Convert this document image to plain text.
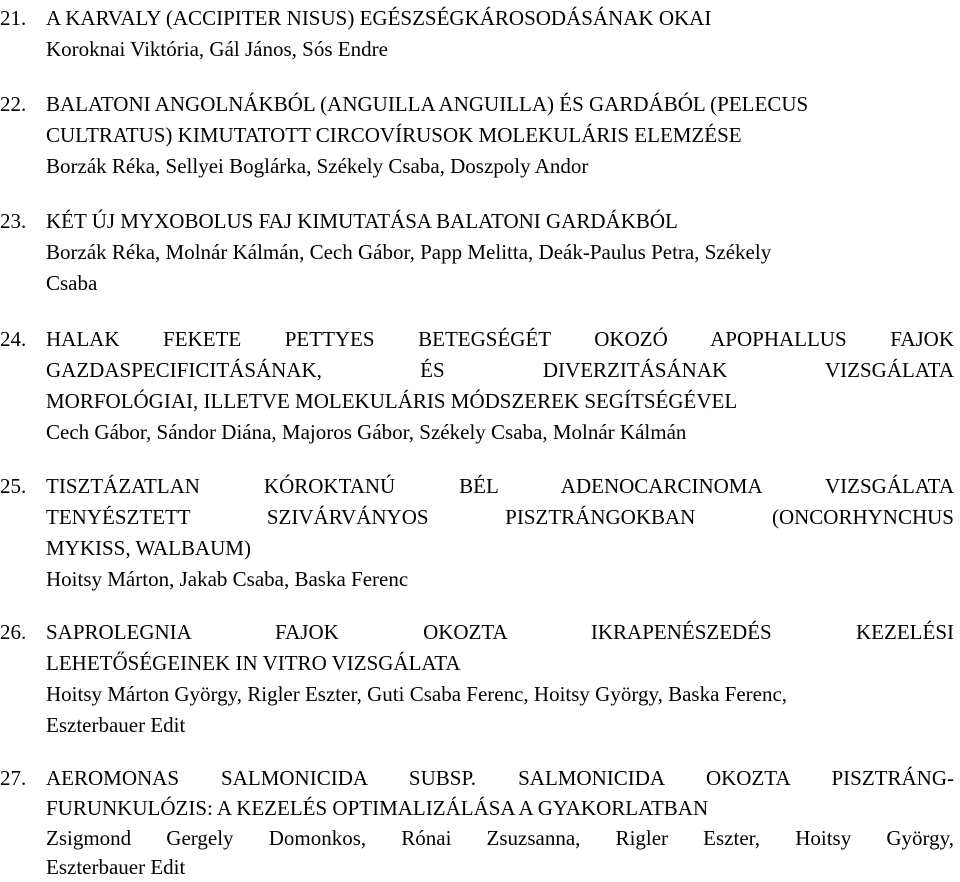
21. A KARVALY (ACCIPITER NISUS) EGÉSZSÉGKÁROSODÁSÁNAK OKAI
Koroknai Viktória, Gál János, Sós Endre
22. BALATONI ANGOLNÁKBÓL (ANGUILLA ANGUILLA) ÉS GARDÁBÓL (PELECUS
CULTRATUS) KIMUTATOTT CIRCOVÍRUSOK MOLEKULÁRIS ELEMZÉSE
Borzák Réka, Sellyei Boglárka, Székely Csaba, Doszpoly Andor
23. KÉT ÚJ MYXOBOLUS FAJ KIMUTATÁSA BALATONI GARDÁKBÓL
Borzák Réka, Molnár Kálmán, Cech Gábor, Papp Melitta, Deák-Paulus Petra, Székely
Csaba
24. HALAK FEKETE PETTYES BETEGSÉGÉT OKOZÓ APOPHALLUS FAJOK
GAZDASPECIFICITÁSÁNAK, ÉS DIVERZITÁSÁNAK VIZSGÁLATA
MORFOLÓGIAI, ILLETVE MOLEKULÁRIS MÓDSZEREK SEGÍTSÉGÉVEL
Cech Gábor, Sándor Diána, Majoros Gábor, Székely Csaba, Molnár Kálmán
25. TISZTÁZATLAN KÓROKTANÚ BÉL ADENOCARCINOMA VIZSGÁLATA
TENYÉSZTETT SZIVÁRVÁNYOS PISZTRÁNGOKBAN (ONCORHYNCHUS
MYKISS, WALBAUM)
Hoitsy Márton, Jakab Csaba, Baska Ferenc
26. SAPROLEGNIA FAJOK OKOZTA IKRAPENÉSZEDÉS KEZELÉSI
LEHETŐSÉGEINEK IN VITRO VIZSGÁLATA
Hoitsy Márton György, Rigler Eszter, Guti Csaba Ferenc, Hoitsy György, Baska Ferenc,
Eszterbauer Edit
27. AEROMONAS SALMONICIDA SUBSP. SALMONICIDA OKOZTA PISZTRÁNG-
FURUNKULÓZIS: A KEZELÉS OPTIMALIZÁLÁSA A GYAKORLATBAN
Zsigmond Gergely Domonkos, Rónai Zsuzsanna, Rigler Eszter, Hoitsy György,
Eszterbauer Edit
